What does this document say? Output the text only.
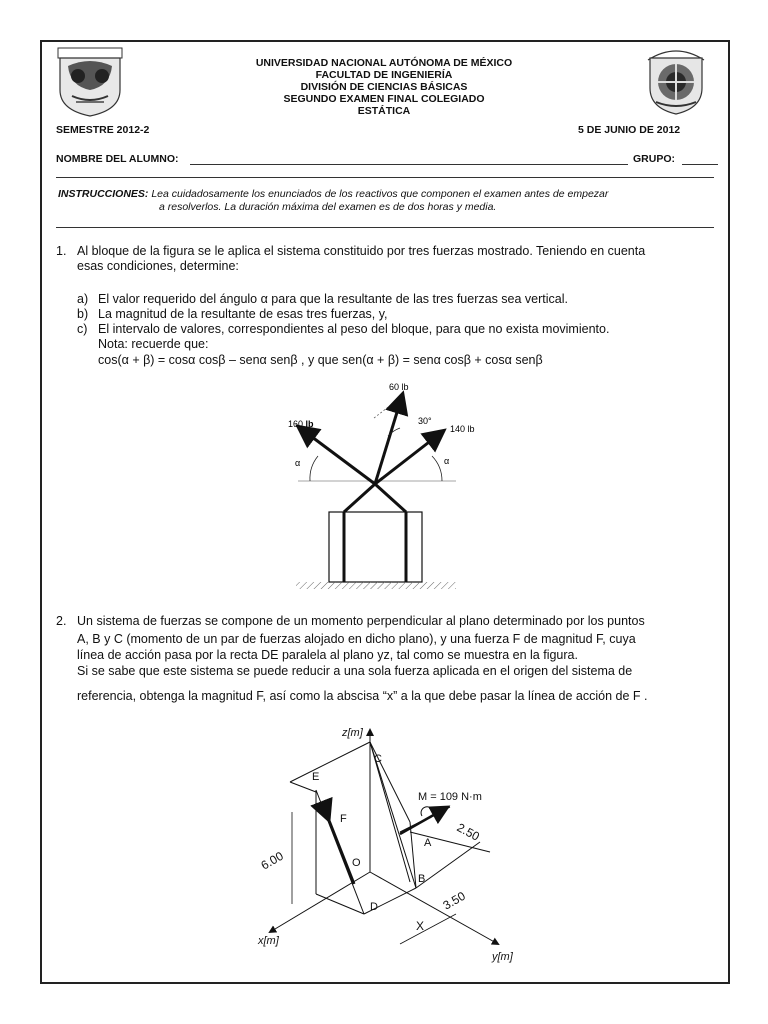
UNIVERSIDAD NACIONAL AUTÓNOMA DE MÉXICO
FACULTAD DE INGENIERÍA
DIVISIÓN DE CIENCIAS BÁSICAS
SEGUNDO EXAMEN FINAL COLEGIADO
ESTÁTICA
SEMESTRE 2012-2	5 DE JUNIO DE 2012
NOMBRE DEL ALUMNO:	GRUPO:
INSTRUCCIONES: Lea cuidadosamente los enunciados de los reactivos que componen el examen antes de empezar
a resolverlos. La duración máxima del examen es de dos horas y media.
1. Al bloque de la figura se le aplica el sistema constituido por tres fuerzas mostrado. Teniendo en cuenta
esas condiciones, determine:
a) El valor requerido del ángulo α para que la resultante de las tres fuerzas sea vertical.
b) La magnitud de la resultante de esas tres fuerzas, y,
c) El intervalo de valores, correspondientes al peso del bloque, para que no exista movimiento.
Nota: recuerde que:
cos(α + β) = cosα cosβ – senα senβ , y que sen(α + β) = senα cosβ + cosα senβ
60 lb
160 lb	140 lb
30°
α	α
2. Un sistema de fuerzas se compone de un momento perpendicular al plano determinado por los puntos
A, B y C (momento de un par de fuerzas alojado en dicho plano), y una fuerza F de magnitud F, cuya
línea de acción pasa por la recta DE paralela al plano yz, tal como se muestra en la figura.
Si se sabe que este sistema se puede reducir a una sola fuerza aplicada en el origen del sistema de
referencia, obtenga la magnitud F, así como la abscisa “x” a la que debe pasar la línea de acción de F .
z[m]
x[m]
y[m]
M = 109 N·m
2.50
6.00
3.50
A
B
C
D
E
O
F
X
